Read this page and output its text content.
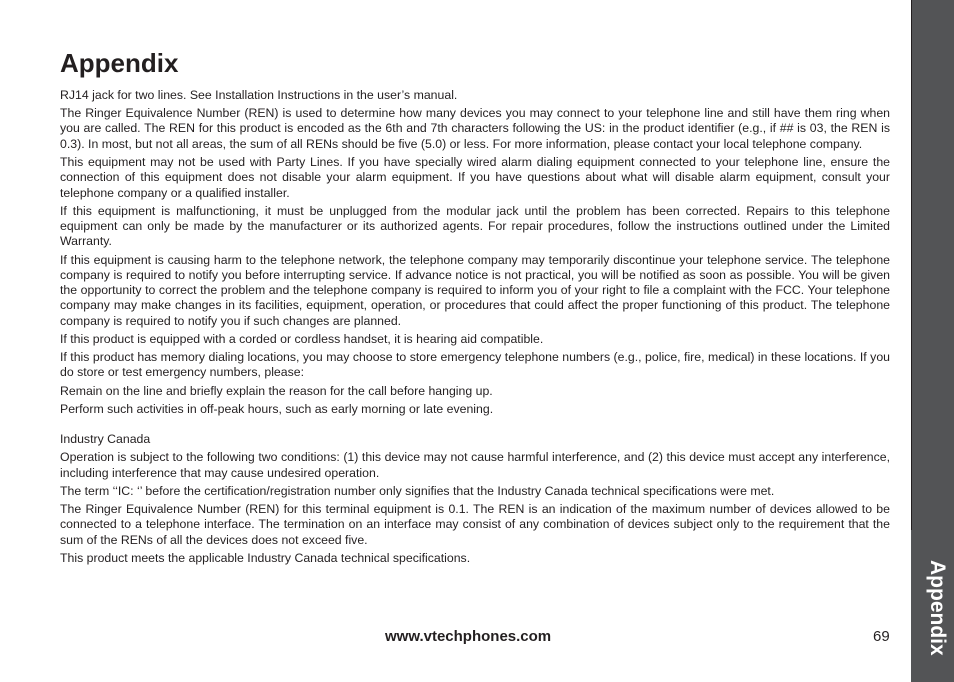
Appendix
Appendix

RJ14 jack for two lines. See Installation Instructions in the user’s manual.

The Ringer Equivalence Number (REN) is used to determine how many devices you may connect to your telephone line and still have them ring when you are called. The REN for this product is encoded as the 6th and 7th characters following the US: in the product identifier (e.g., if ## is 03, the REN is 0.3). In most, but not all areas, the sum of all RENs should be five (5.0) or less. For more information, please contact your local telephone company.

This equipment may not be used with Party Lines. If you have specially wired alarm dialing equipment connected to your telephone line, ensure the connection of this equipment does not disable your alarm equipment. If you have questions about what will disable alarm equipment, consult your telephone company or a qualified installer.

If this equipment is malfunctioning, it must be unplugged from the modular jack until the problem has been corrected. Repairs to this telephone equipment can only be made by the manufacturer or its authorized agents. For repair procedures, follow the instructions outlined under the Limited Warranty.

If this equipment is causing harm to the telephone network, the telephone company may temporarily discontinue your telephone service. The telephone company is required to notify you before interrupting service. If advance notice is not practical, you will be notified as soon as possible. You will be given the opportunity to correct the problem and the telephone company is required to inform you of your right to file a complaint with the FCC. Your telephone company may make changes in its facilities, equipment, operation, or procedures that could affect the proper functioning of this product. The telephone company is required to notify you if such changes are planned.

If this product is equipped with a corded or cordless handset, it is hearing aid compatible.

If this product has memory dialing locations, you may choose to store emergency telephone numbers (e.g., police, fire, medical) in these locations. If you do store or test emergency numbers, please:

Remain on the line and briefly explain the reason for the call before hanging up.

Perform such activities in off-peak hours, such as early morning or late evening.

Industry Canada

Operation is subject to the following two conditions: (1) this device may not cause harmful interference, and (2) this device must accept any interference, including interference that may cause undesired operation.

The term ‘‘IC: ‘’ before the certification/registration number only signifies that the Industry Canada technical specifications were met.

The Ringer Equivalence Number (REN) for this terminal equipment is 0.1. The REN is an indication of the maximum number of devices allowed to be connected to a telephone interface. The termination on an interface may consist of any combination of devices subject only to the requirement that the sum of the RENs of all the devices does not exceed five.

This product meets the applicable Industry Canada technical specifications.

www.vtechphones.com	69
